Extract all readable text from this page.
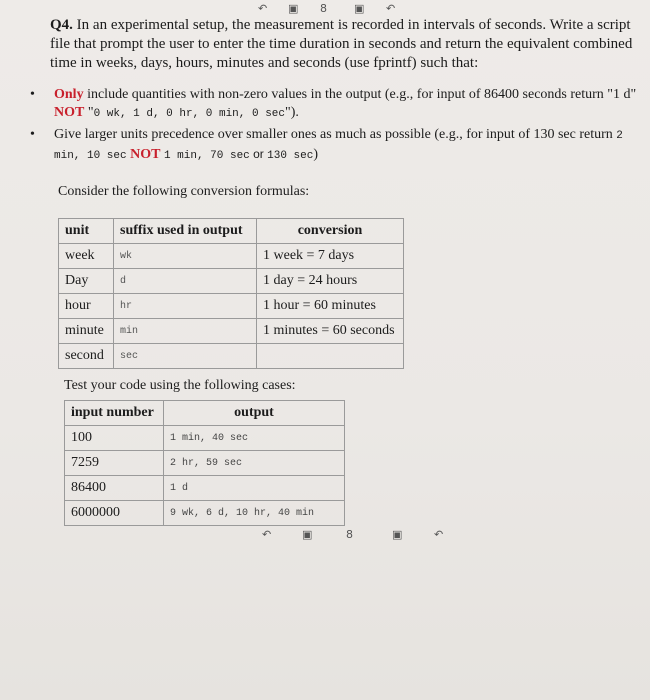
↶ ▣ 8 ▣ ↶
Q4. In an experimental setup, the measurement is recorded in intervals of seconds. Write a script file that prompt the user to enter the time duration in seconds and return the equivalent combined time in weeks, days, hours, minutes and seconds (use fprintf) such that:
• Only include quantities with non-zero values in the output (e.g., for input of 86400 seconds return "1 d" NOT "0 wk, 1 d, 0 hr, 0 min, 0 sec").
• Give larger units precedence over smaller ones as much as possible (e.g., for input of 130 sec return 2 min, 10 sec NOT 1 min, 70 sec or 130 sec)
Consider the following conversion formulas:
unit	suffix used in output	conversion
week	wk	1 week = 7 days
Day	d	1 day = 24 hours
hour	hr	1 hour = 60 minutes
minute	min	1 minutes = 60 seconds
second	sec	
Test your code using the following cases:
input number	output
100	1 min, 40 sec
7259	2 hr, 59 sec
86400	1 d
6000000	9 wk, 6 d, 10 hr, 40 min
↶	▣	8	▣	↶
